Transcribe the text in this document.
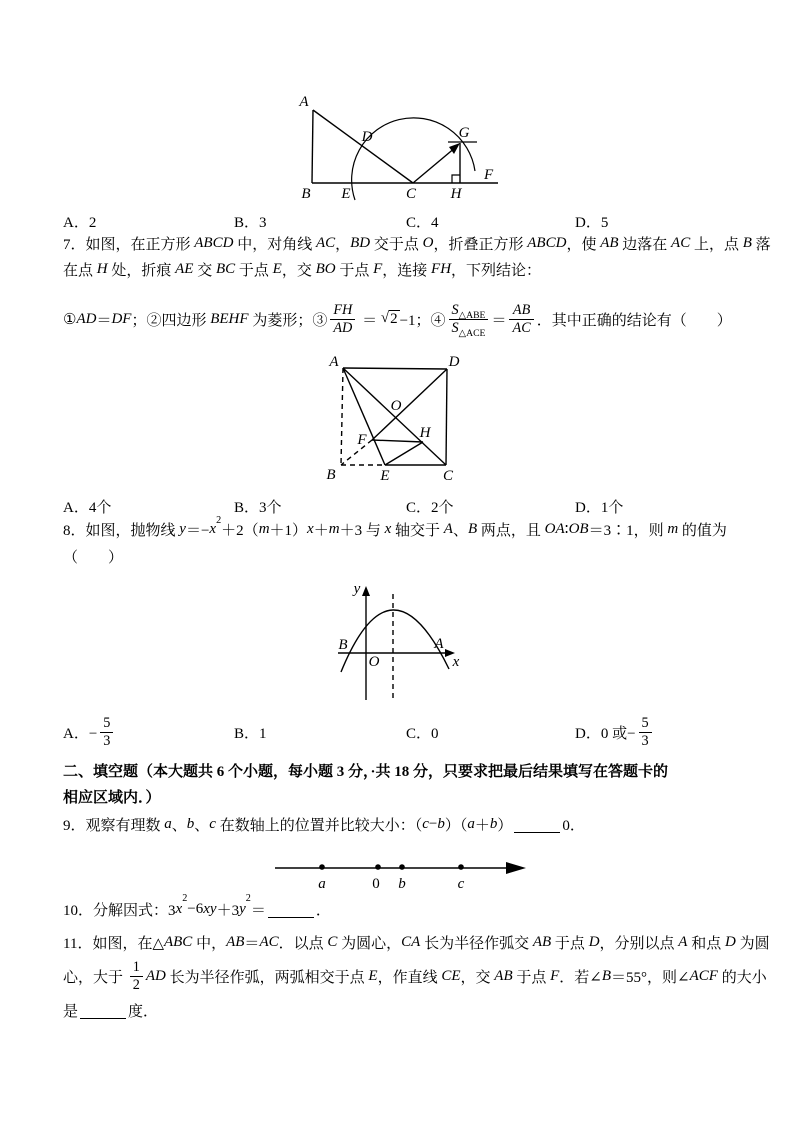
A
B E	C H
F
D	G
A．2	B．3	C．4	D．5
7．如图，在正方形 ABCD 中，对角线 AC ， BD 交于点 O ，折叠正方形 ABCD ，使 AB 边落在 AC 上，点 B 落
在点 H 处，折痕 AE 交 BC 于点 E ，交 BO 于点 F ，连接 FH ，下列结论：
① AD ＝ DF ；②四边形 BEHF 为菱形；③ $\frac{FH}{AD}$ ＝ √ 2 −1；④ $\frac{S_{\triangle ABE}}{S_{\triangle ACE}} = \frac{AB}{AC}$ ．其中正确的结论有（　　）
A	D
B	E	C
O
F	H
A．4个	B．3个	C．2个	D．1个
8．如图，抛物线 y ＝− x 2
＋2（ m ＋1） x ＋ m ＋3 与 x 轴交于 A 、 B 两点，且 OA ∶ OB ＝3∶1，则 m 的值为
（　　）
y
x
O
B	A
A．− $\frac{5}{3}$	B．1	C．0	D．0 或− $\frac{5}{3}$
二、填空题（本大题共 6 个小题，每小题 3 分，·共 18 分，只要求把最后结果填写在答题卡的
相应区域内．）
9．观察有理数 a 、 b 、 c 在数轴上的位置并比较大小：（ c − b ）（ a ＋ b ）	0．
a	0 b	c
10．分解因式：3 x
2
−6 xy ＋3 y
2
＝	．
11．如图，在△ ABC 中， AB ＝ AC ．以点 C 为圆心， CA 长为半径作弧交 AB 于点 D ，分别以点 A 和点 D 为圆
心，大于 $\frac{1}{2}$ AD 长为半径作弧，两弧相交于点 E ，作直线 CE ，交 AB 于点 F ．若∠ B ＝55°，则∠ ACF 的大小
是	度．
